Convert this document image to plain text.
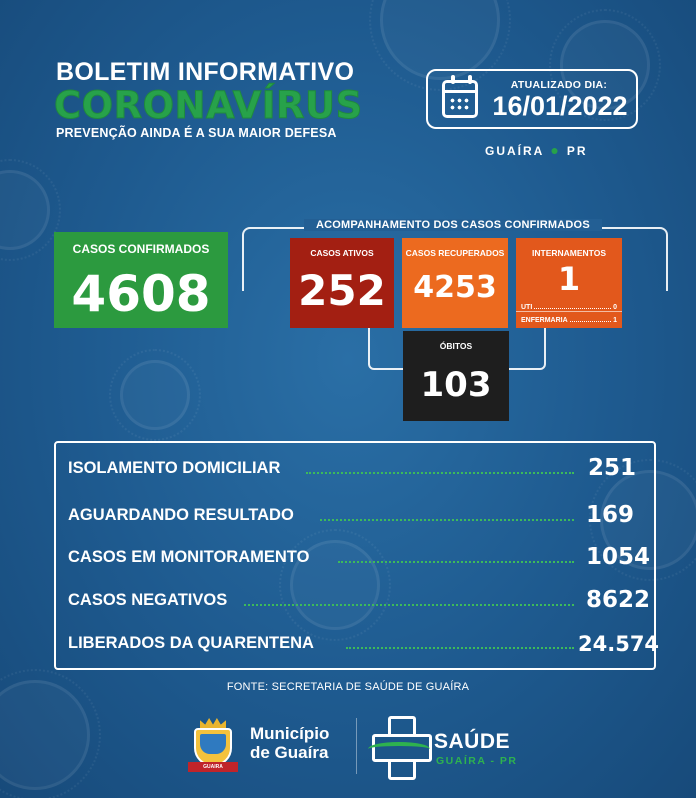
BOLETIM INFORMATIVO
CORONAVÍRUS
PREVENÇÃO AINDA É A SUA MAIOR DEFESA
ATUALIZADO DIA:
16/01/2022
GUAÍRA ● PR
CASOS CONFIRMADOS
4608
ACOMPANHAMENTO DOS CASOS CONFIRMADOS
CASOS ATIVOS
252
CASOS RECUPERADOS
4253
INTERNAMENTOS
1
UTI	0
ENFERMARIA	1
ÓBITOS
103
ISOLAMENTO DOMICILIAR	251
AGUARDANDO RESULTADO	169
CASOS EM MONITORAMENTO	1054
CASOS NEGATIVOS	8622
LIBERADOS DA QUARENTENA	24.574
FONTE: SECRETARIA DE SAÚDE DE GUAÍRA
GUAIRA
Município
de Guaíra	SAÚDE
GUAÍRA - PR
